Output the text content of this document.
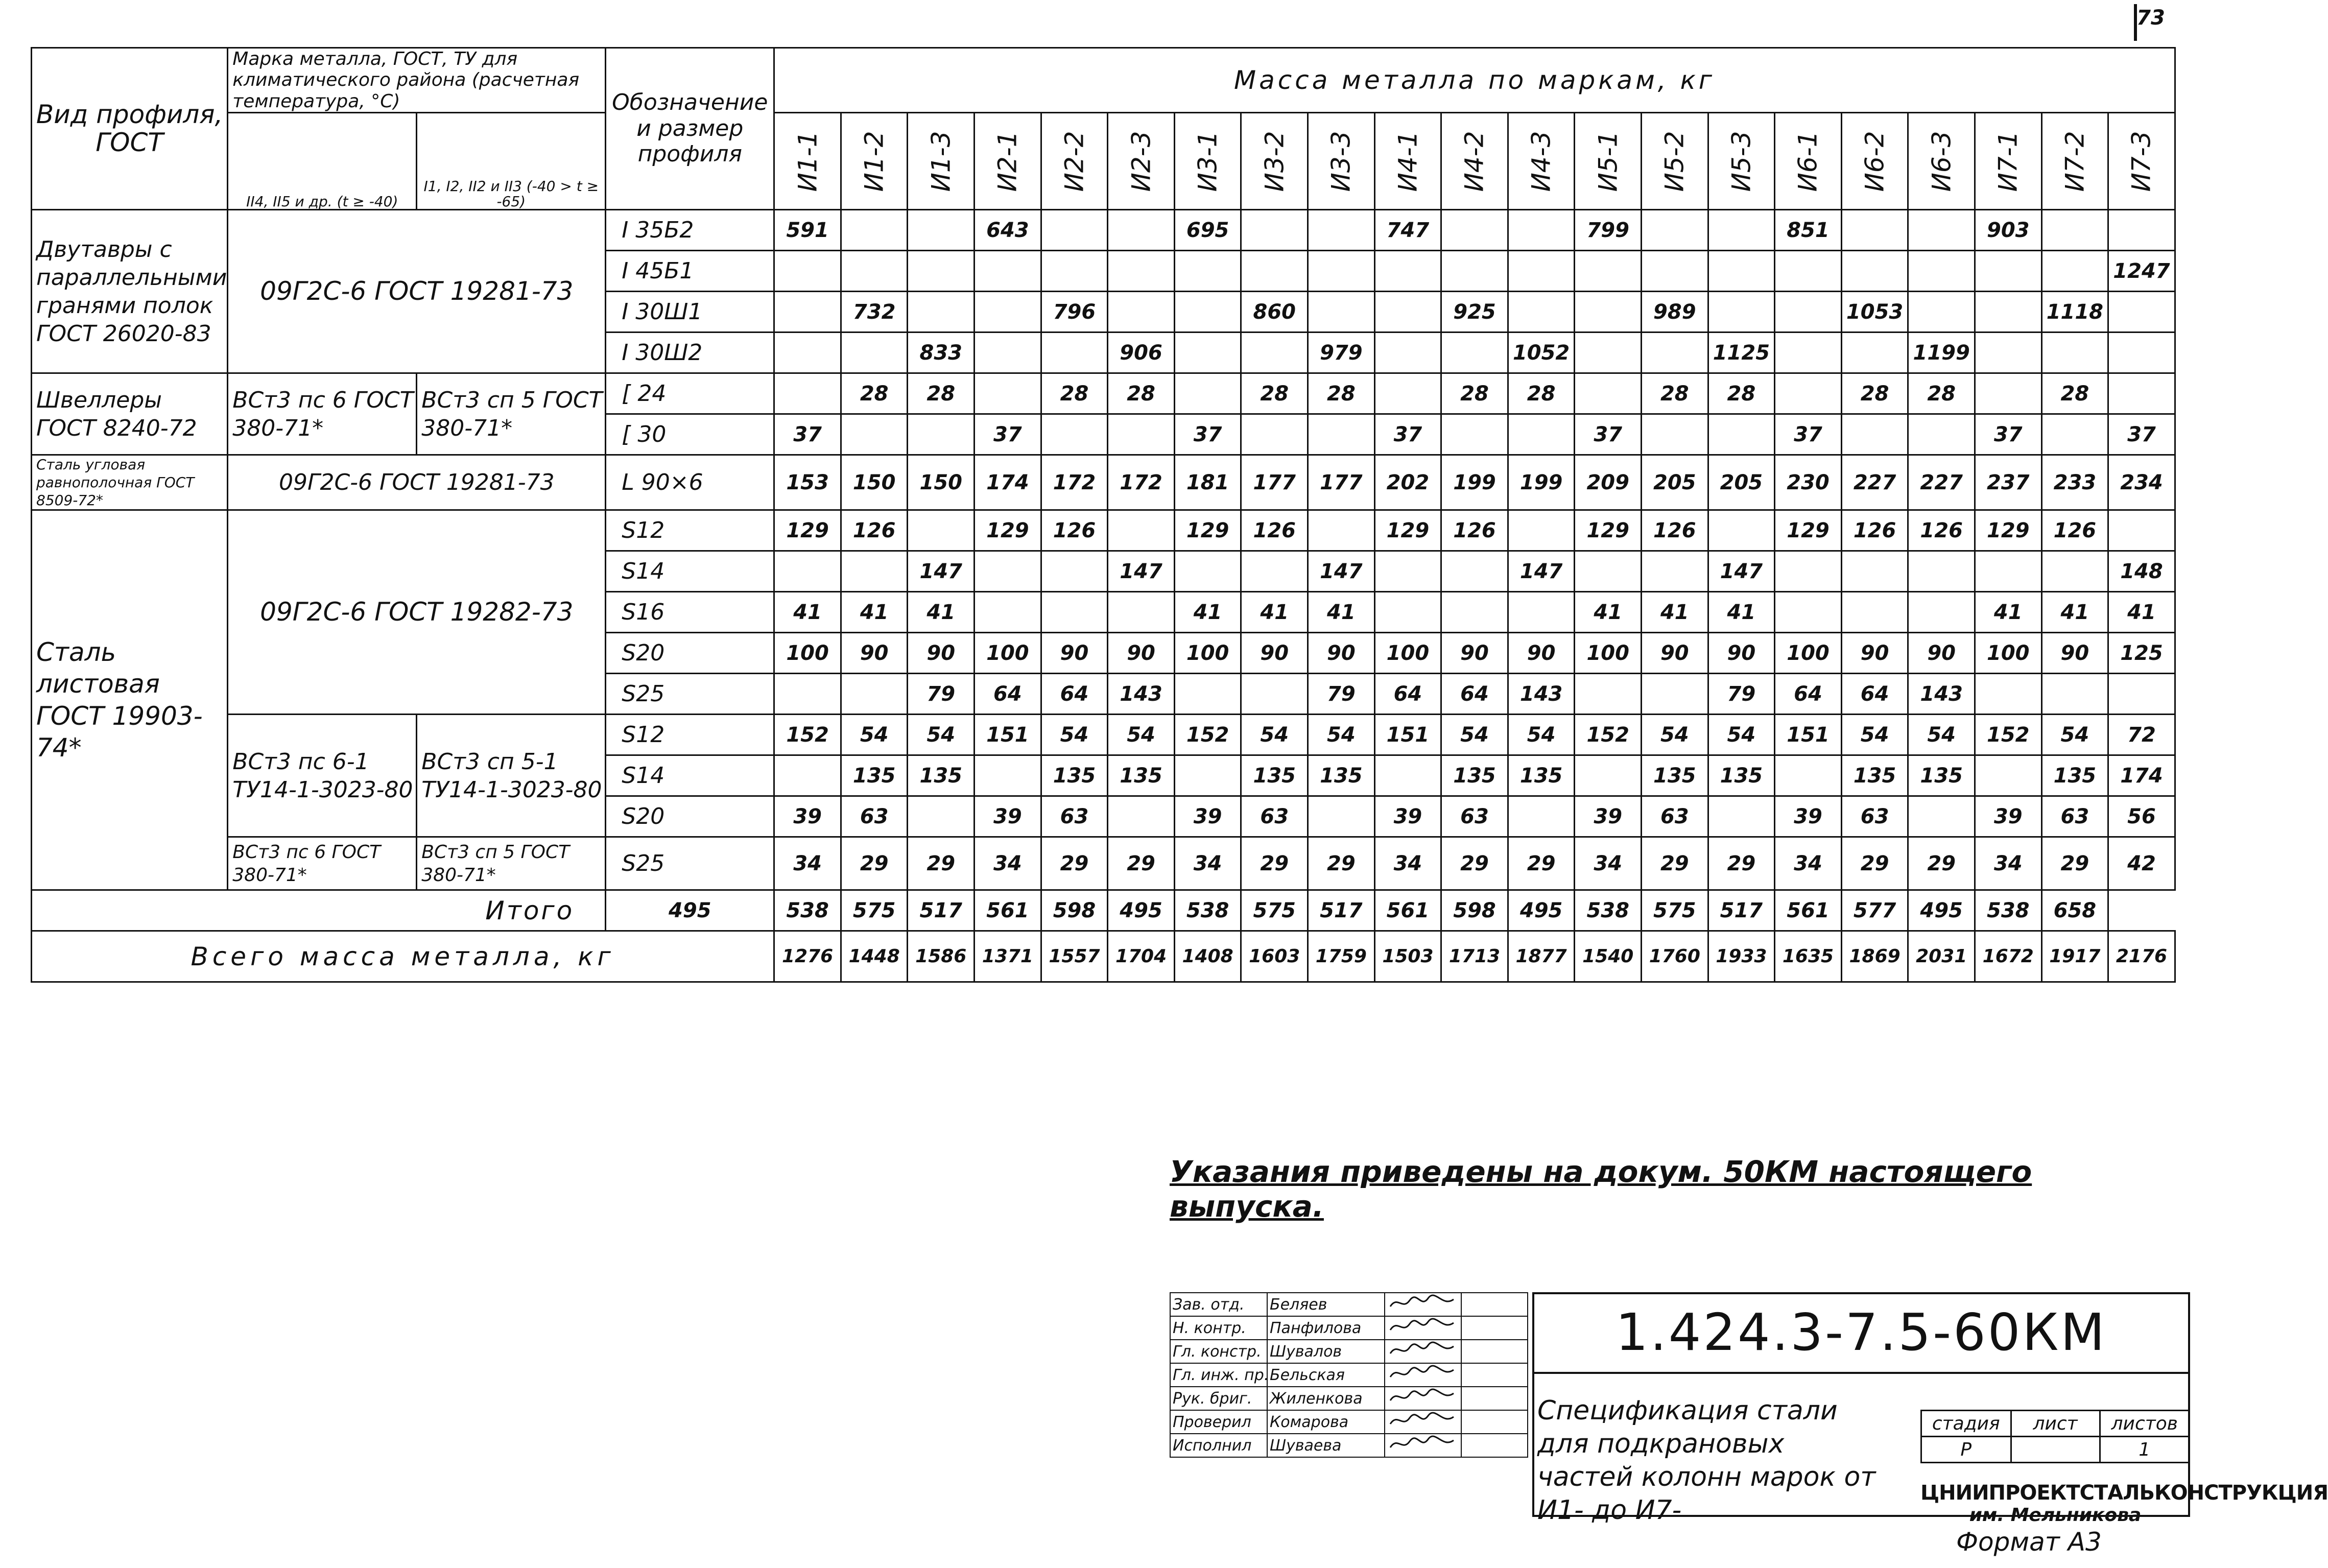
73
Вид профиля, ГОСТ	Марка металла, ГОСТ, ТУ для климатического района (расчетная температура, °С)		Обозначение и размер профиля	Масса металла по маркам, кг																				
	II4, II5 и др. (t ≥ -40)	I1, I2, II2 и II3 (-40 > t ≥ -65)		И1-1	И1-2	И1-3	И2-1	И2-2	И2-3	И3-1	И3-2	И3-3	И4-1	И4-2	И4-3	И5-1	И5-2	И5-3	И6-1	И6-2	И6-3	И7-1	И7-2	И7-3
Двутавры с параллельными гранями полок ГОСТ 26020-83	09Г2С-6 ГОСТ 19281-73		I 35Б2	591			643			695			747			799			851			903		
			I 45Б1																					1247
			I 30Ш1		732			796			860			925			989			1053			1118	
			I 30Ш2			833			906			979			1052			1125			1199			
Швеллеры ГОСТ 8240-72	ВСт3 пс 6 ГОСТ 380-71*	ВСт3 сп 5 ГОСТ 380-71*	[ 24		28	28		28	28		28	28		28	28		28	28		28	28		28	
			[ 30	37			37			37			37			37			37			37		37
Сталь угловая равнополочная ГОСТ 8509-72*	09Г2С-6 ГОСТ 19281-73		L 90×6	153	150	150	174	172	172	181	177	177	202	199	199	209	205	205	230	227	227	237	233	234
Сталь листовая ГОСТ 19903-74*	09Г2С-6 ГОСТ 19282-73		S12	129	126		129	126		129	126		129	126		129	126		129	126	126	129	126	
			S14			147			147			147			147			147						148
			S16	41	41	41				41	41	41				41	41	41				41	41	41
			S20	100	90	90	100	90	90	100	90	90	100	90	90	100	90	90	100	90	90	100	90	125
			S25			79	64	64	143			79	64	64	143			79	64	64	143			
	ВСт3 пс 6-1 ТУ14-1-3023-80	ВСт3 сп 5-1 ТУ14-1-3023-80	S12	152	54	54	151	54	54	152	54	54	151	54	54	152	54	54	151	54	54	152	54	72
			S14		135	135		135	135		135	135		135	135		135	135		135	135		135	174
			S20	39	63		39	63		39	63		39	63		39	63		39	63		39	63	56
	ВСт3 пс 6 ГОСТ 380-71*	ВСт3 сп 5 ГОСТ 380-71*	S25	34	29	29	34	29	29	34	29	29	34	29	29	34	29	29	34	29	29	34	29	42
Итого			495	538	575	517	561	598	495	538	575	517	561	598	495	538	575	517	561	577	495	538	658	
Всего масса металла, кг				1276	1448	1586	1371	1557	1704	1408	1603	1759	1503	1713	1877	1540	1760	1933	1635	1869	2031	1672	1917	2176
Указания приведены на докум. 50КМ настоящего выпуска.
Зав. отд.	Беляев		
Н. контр.	Панфилова		
Гл. констр.	Шувалов		
Гл. инж. пр.	Бельская		
Рук. бриг.	Жиленкова		
Проверил	Комарова		
Исполнил	Шуваева		
1.424.3-7.5-60КМ
Спецификация стали для подкрановых частей колонн марок от И1- до И7-
стадия	лист	листов
Р		1
ЦНИИПРОЕКТСТАЛЬКОНСТРУКЦИЯ
им. Мельникова
Формат А3
